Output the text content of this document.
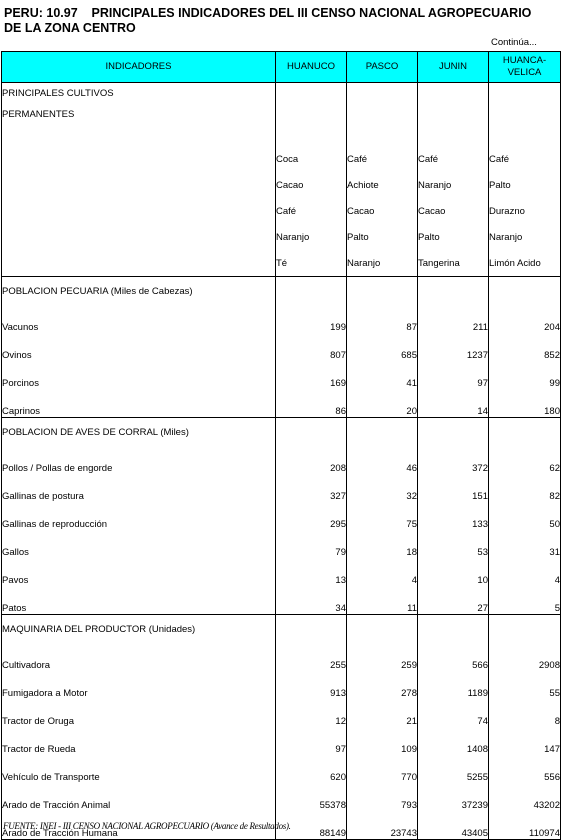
PERU: 10.97    PRINCIPALES INDICADORES DEL III CENSO NACIONAL AGROPECUARIO
DE LA ZONA CENTRO
Continúa...
INDICADORES	HUANUCO	PASCO	JUNIN	HUANCA-
VELICA
PRINCIPALES CULTIVOS				
PERMANENTES				

	Coca	Café	Café	Café
	Cacao	Achiote	Naranjo	Palto
	Café	Cacao	Cacao	Durazno
	Naranjo	Palto	Palto	Naranjo
	Té	Naranjo	Tangerina	Limón Acido
POBLACION PECUARIA (Miles de Cabezas)				
Vacunos	199	87	211	204
Ovinos	807	685	1237	852
Porcinos	169	41	97	99
Caprinos	86	20	14	180
POBLACION DE AVES DE CORRAL (Miles)				
Pollos / Pollas de engorde	208	46	372	62
Gallinas de postura	327	32	151	82
Gallinas de reproducción	295	75	133	50
Gallos	79	18	53	31
Pavos	13	4	10	4
Patos	34	11	27	5
MAQUINARIA DEL PRODUCTOR (Unidades)				
Cultivadora	255	259	566	2908
Fumigadora a Motor	913	278	1189	55
Tractor de Oruga	12	21	74	8
Tractor de Rueda	97	109	1408	147
Vehículo de Transporte	620	770	5255	556
Arado de Tracción Animal	55378	793	37239	43202
Arado de Tracción Humana	88149	23743	43405	110974
FUENTE: INEI - III CENSO NACIONAL AGROPECUARIO (Avance de Resultados).
